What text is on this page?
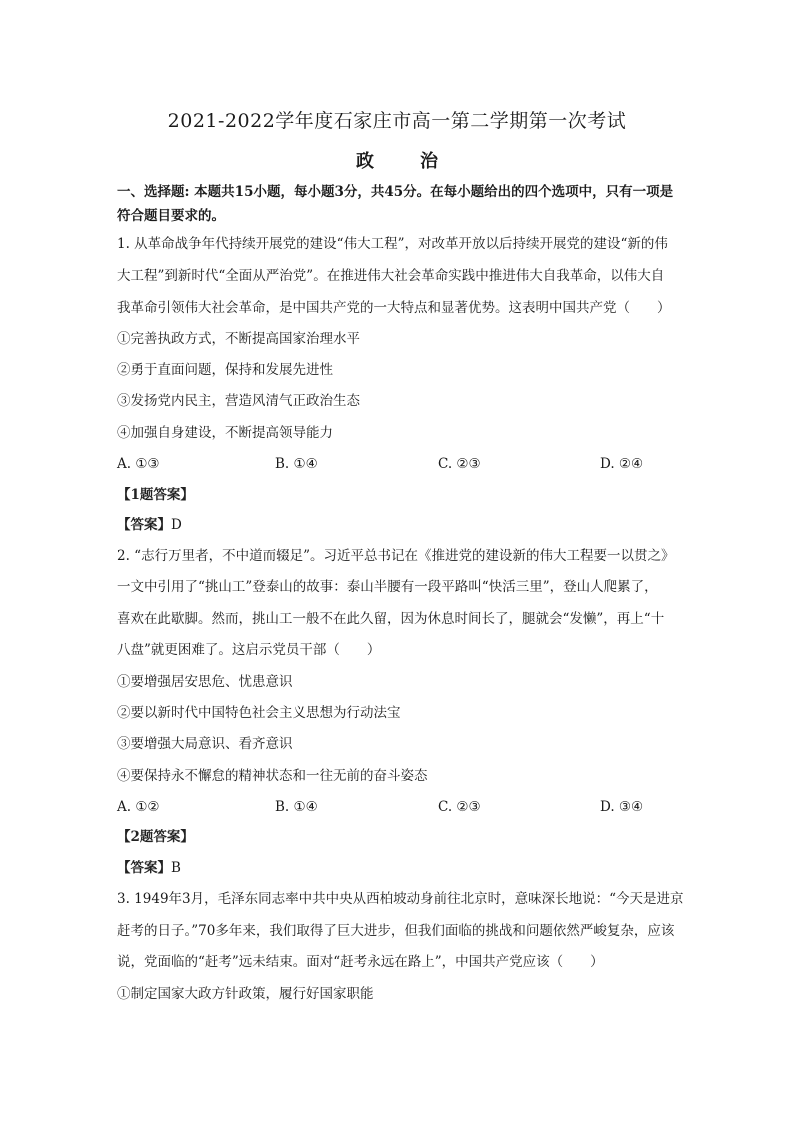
2021-2022学年度石家庄市高一第二学期第一次考试
政　治
一、选择题: 本题共15小题，每小题3分，共45分。在每小题给出的四个选项中，只有一项是
符合题目要求的。
1. 从革命战争年代持续开展党的建设“伟大工程”，对改革开放以后持续开展党的建设“新的伟
大工程”到新时代“全面从严治党”。在推进伟大社会革命实践中推进伟大自我革命，以伟大自
我革命引领伟大社会革命，是中国共产党的一大特点和显著优势。这表明中国共产党（　　）
①完善执政方式，不断提高国家治理水平
②勇于直面问题，保持和发展先进性
③发扬党内民主，营造风清气正政治生态
④加强自身建设，不断提高领导能力
A. ①③	B. ①④	C. ②③	D. ②④
【1题答案】
【答案】D
2. “志行万里者，不中道而辍足”。习近平总书记在《推进党的建设新的伟大工程要一以贯之》
一文中引用了“挑山工”登泰山的故事：泰山半腰有一段平路叫“快活三里”，登山人爬累了，
喜欢在此歇脚。然而，挑山工一般不在此久留，因为休息时间长了，腿就会“发懒”，再上“十
八盘”就更困难了。这启示党员干部（　　）
①要增强居安思危、忧患意识
②要以新时代中国特色社会主义思想为行动法宝
③要增强大局意识、看齐意识
④要保持永不懈怠的精神状态和一往无前的奋斗姿态
A. ①②	B. ①④	C. ②③	D. ③④
【2题答案】
【答案】B
3. 1949年3月，毛泽东同志率中共中央从西柏坡动身前往北京时，意味深长地说：“今天是进京
赶考的日子。”70多年来，我们取得了巨大进步，但我们面临的挑战和问题依然严峻复杂，应该
说，党面临的“赶考”远未结束。面对“赶考永远在路上”，中国共产党应该（　　）
①制定国家大政方针政策，履行好国家职能
